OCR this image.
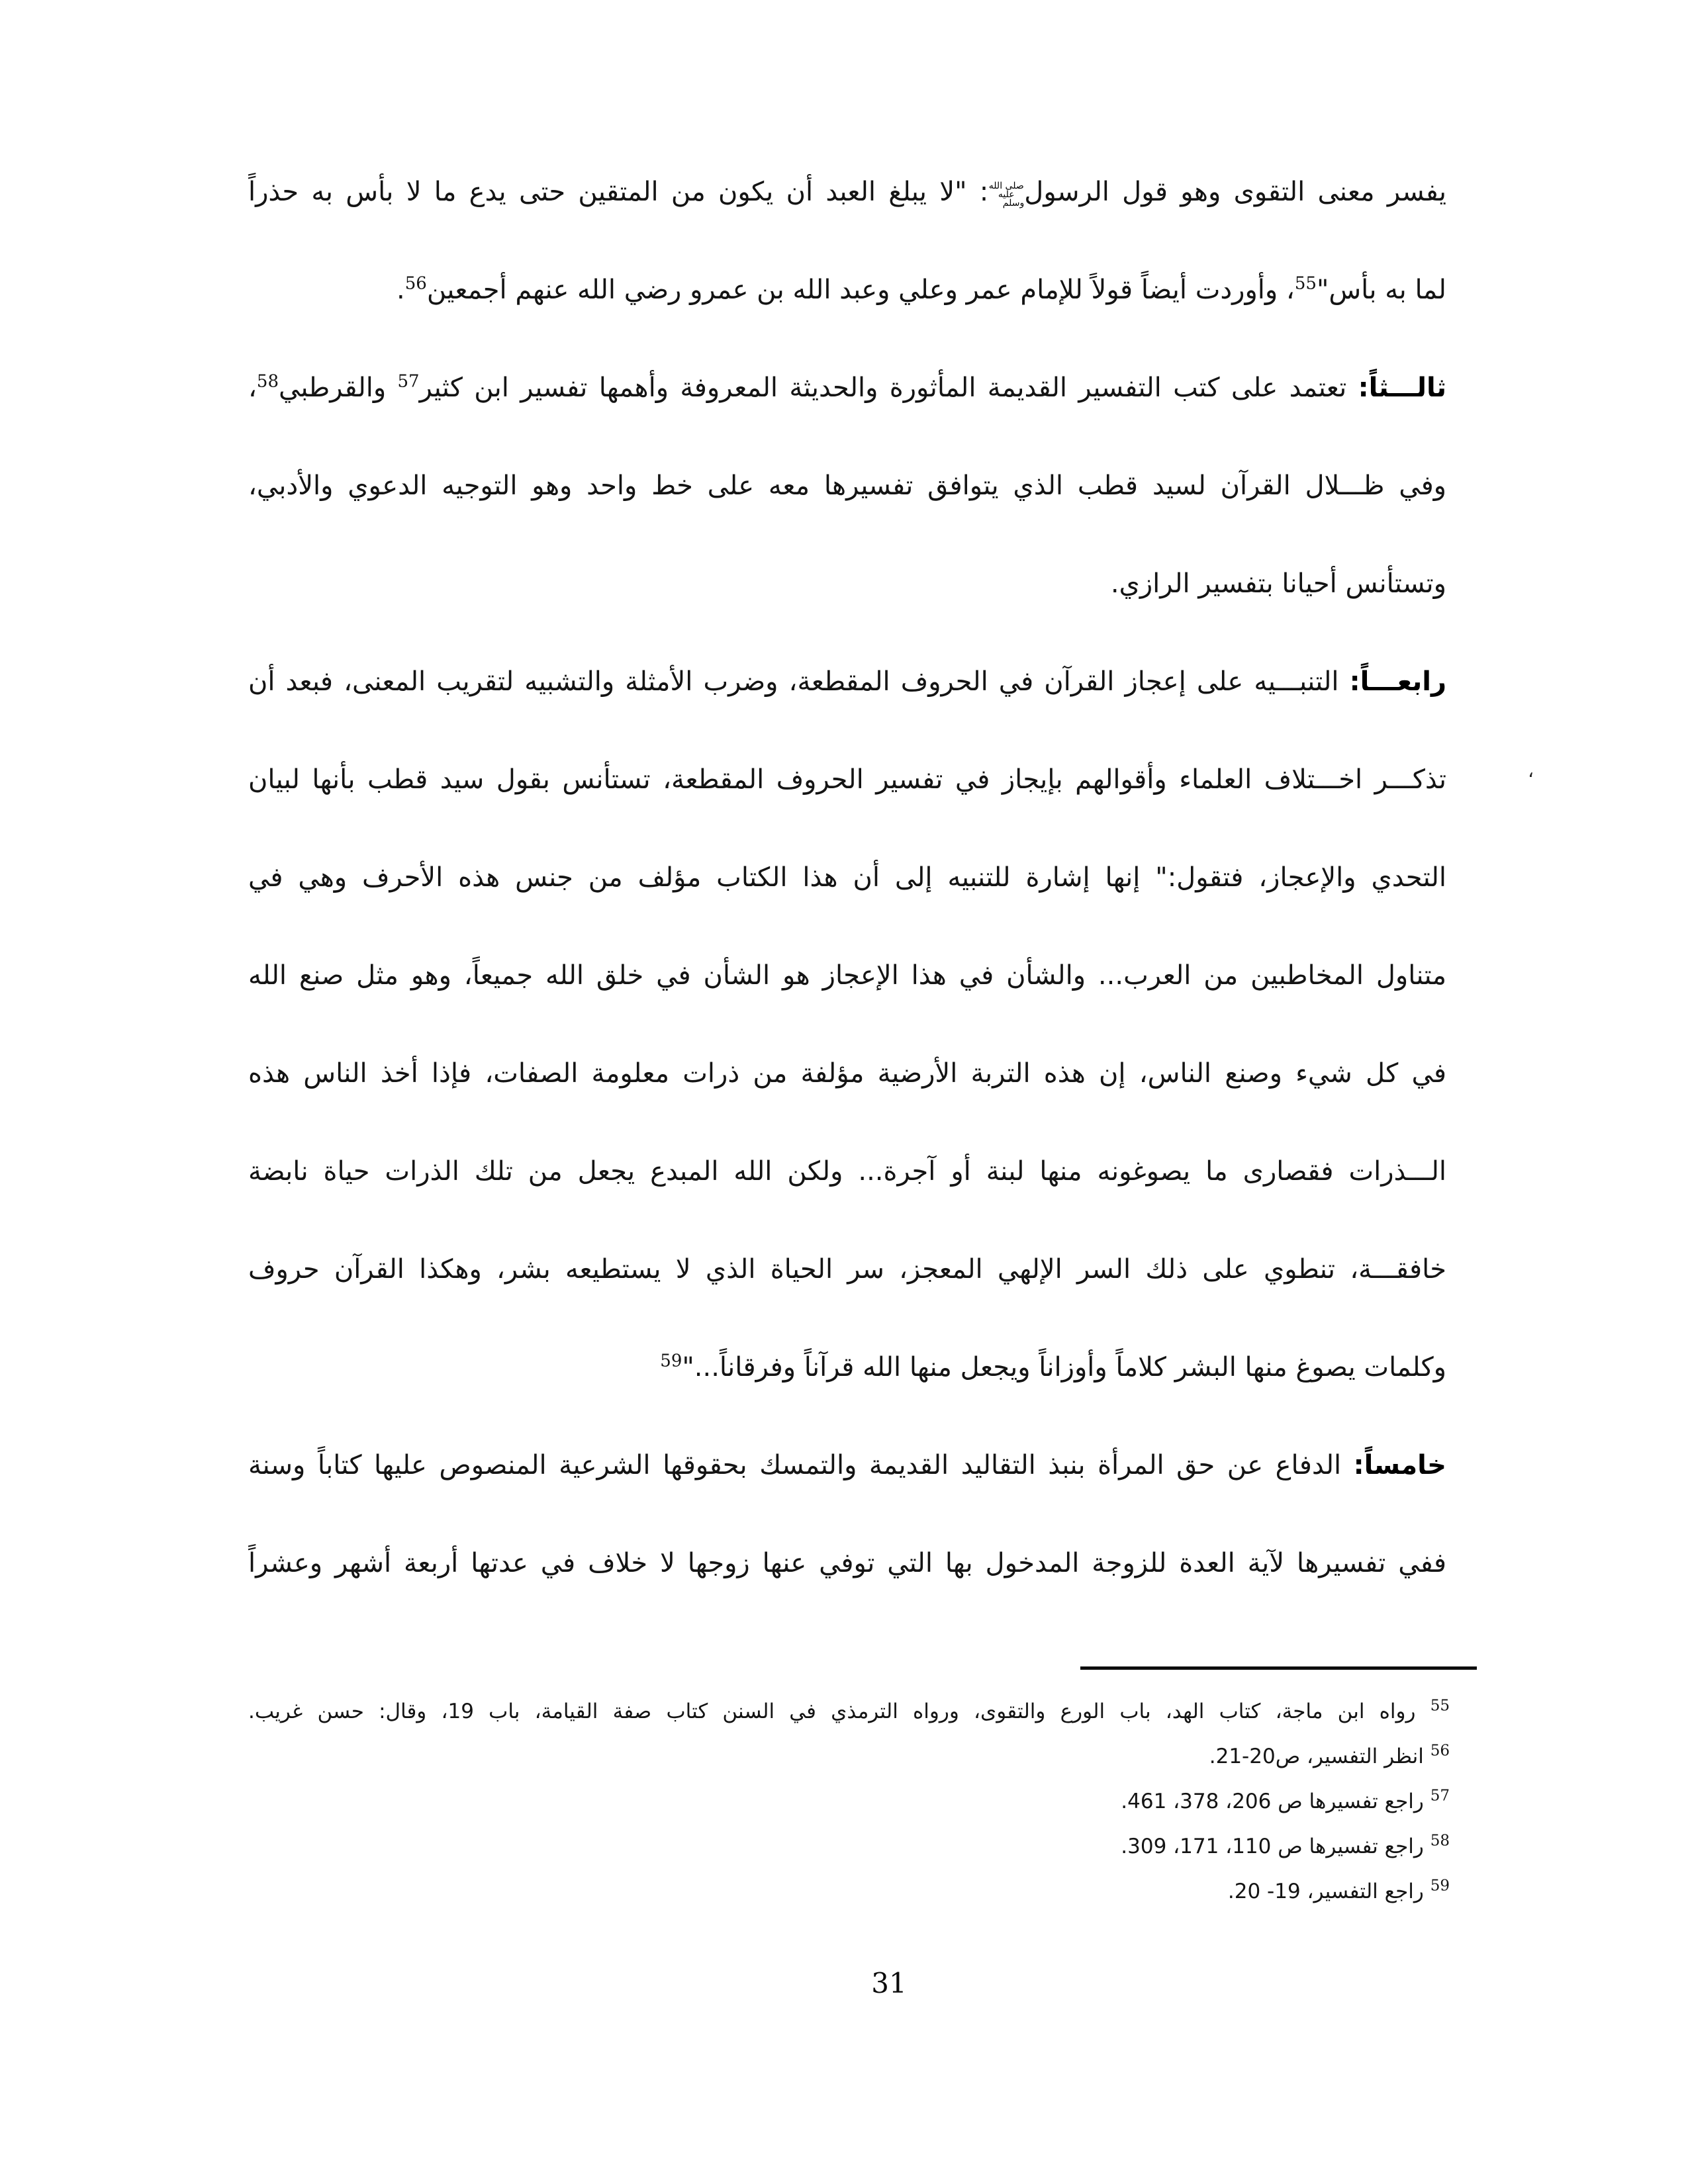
يفسر معنى التقوى وهو قول الرسولصلى الله عليه وسلم: "لا يبلغ العبد أن يكون من المتقين حتى يدع ما لا بأس به حذراً
لما به بأس"$^{55}$، وأوردت أيضاً قولاً للإمام عمر وعلي وعبد الله بن عمرو رضي الله عنهم أجمعين$^{56}$.
ثالـــثاً: تعتمد على كتب التفسير القديمة المأثورة والحديثة المعروفة وأهمها تفسير ابن كثير$^{57}$ والقرطبي$^{58}$،
وفي ظـــلال القرآن لسيد قطب الذي يتوافق تفسيرها معه على خط واحد وهو التوجيه الدعوي والأدبي،
وتستأنس أحيانا بتفسير الرازي.
رابعـــاً: التنبـــيه على إعجاز القرآن في الحروف المقطعة، وضرب الأمثلة والتشبيه لتقريب المعنى، فبعد أن
تذكـــر اخـــتلاف العلماء وأقوالهم بإيجاز في تفسير الحروف المقطعة، تستأنس بقول سيد قطب بأنها لبيان
التحدي والإعجاز، فتقول:" إنها إشارة للتنبيه إلى أن هذا الكتاب مؤلف من جنس هذه الأحرف وهي في
متناول المخاطبين من العرب... والشأن في هذا الإعجاز هو الشأن في خلق الله جميعاً، وهو مثل صنع الله
في كل شيء وصنع الناس، إن هذه التربة الأرضية مؤلفة من ذرات معلومة الصفات، فإذا أخذ الناس هذه
الـــذرات فقصارى ما يصوغونه منها لبنة أو آجرة... ولكن الله المبدع يجعل من تلك الذرات حياة نابضة
خافقـــة، تنطوي على ذلك السر الإلهي المعجز، سر الحياة الذي لا يستطيعه بشر، وهكذا القرآن حروف
وكلمات يصوغ منها البشر كلاماً وأوزاناً ويجعل منها الله قرآناً وفرقاناً..."$^{59}$
خامساً: الدفاع عن حق المرأة بنبذ التقاليد القديمة والتمسك بحقوقها الشرعية المنصوص عليها كتاباً وسنة
ففي تفسيرها لآية العدة للزوجة المدخول بها التي توفي عنها زوجها لا خلاف في عدتها أربعة أشهر وعشراً
،
$^{55}$ رواه ابن ماجة، كتاب الهد، باب الورع والتقوى، ورواه الترمذي في السنن كتاب صفة القيامة، باب 19، وقال: حسن غريب.
$^{56}$ انظر التفسير، ص20‏-‏21.
$^{57}$ راجع تفسيرها ص 206،‏ 378،‏ 461.
$^{58}$ راجع تفسيرها ص 110،‏ 171،‏ 309.
$^{59}$ راجع التفسير، 19‏-‏ 20.
31
